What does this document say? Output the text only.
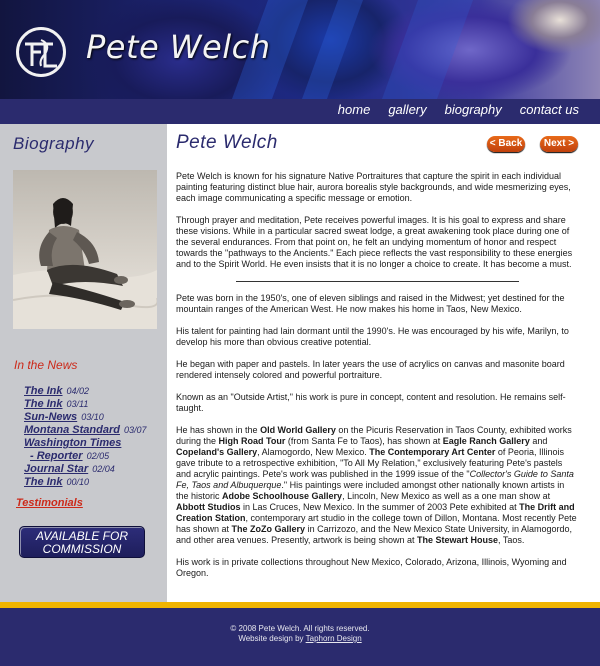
Pete Welch
home gallery biography contact us
Biography
In the News
The Ink 04/02
The Ink 03/11
Sun-News 03/10
Montana Standard 03/07
Washington Times
- Reporter 02/05
Journal Star 02/04
The Ink 00/10
Testimonials
AVAILABLE FOR
COMMISSION
Pete Welch	< Back	Next >

Pete Welch is known for his signature Native Portraitures that capture the spirit in each individual painting featuring distinct blue hair, aurora borealis style backgrounds, and wide mesmerizing eyes, each image communicating a specific message or emotion.

Through prayer and meditation, Pete receives powerful images. It is his goal to express and share these visions. While in a particular sacred sweat lodge, a great awakening took place during one of the several endurances. From that point on, he felt an undying momentum of honor and respect towards the "pathways to the Ancients." Each piece reflects the vast responsibility to these energies and to the Spirit World. He even insists that it is no longer a choice to create. It has become a must.

Pete was born in the 1950's, one of eleven siblings and raised in the Midwest; yet destined for the mountain ranges of the American West. He now makes his home in Taos, New Mexico.

His talent for painting had lain dormant until the 1990's. He was encouraged by his wife, Marilyn, to develop his more than obvious creative potential.

He began with paper and pastels. In later years the use of acrylics on canvas and masonite board rendered intensely colored and powerful portraiture.

Known as an "Outside Artist," his work is pure in concept, content and resolution. He remains self-taught.

He has shown in the Old World Gallery on the Picuris Reservation in Taos County, exhibited works during the High Road Tour (from Santa Fe to Taos), has shown at Eagle Ranch Gallery and Copeland's Gallery, Alamogordo, New Mexico. The Contemporary Art Center of Peoria, Illinois gave tribute to a retrospective exhibition, "To All My Relation," exclusively featuring Pete's pastels and acrylic paintings. Pete's work was published in the 1999 issue of the "Collector's Guide to Santa Fe, Taos and Albuquerque." His paintings were included amongst other nationally known artists in the historic Adobe Schoolhouse Gallery, Lincoln, New Mexico as well as a one man show at Abbott Studios in Las Cruces, New Mexico. In the summer of 2003 Pete exhibited at The Drift and Creation Station, contemporary art studio in the college town of Dillon, Montana. Most recently Pete has shown at The ZoZo Gallery in Carrizozo, and the New Mexico State University, in Alamogordo, and other area venues. Presently, artwork is being shown at The Stewart House, Taos.

His work is in private collections throughout New Mexico, Colorado, Arizona, Illinois, Wyoming and Oregon.

© 2008 Pete Welch. All rights reserved.
Website design by Taphorn Design
